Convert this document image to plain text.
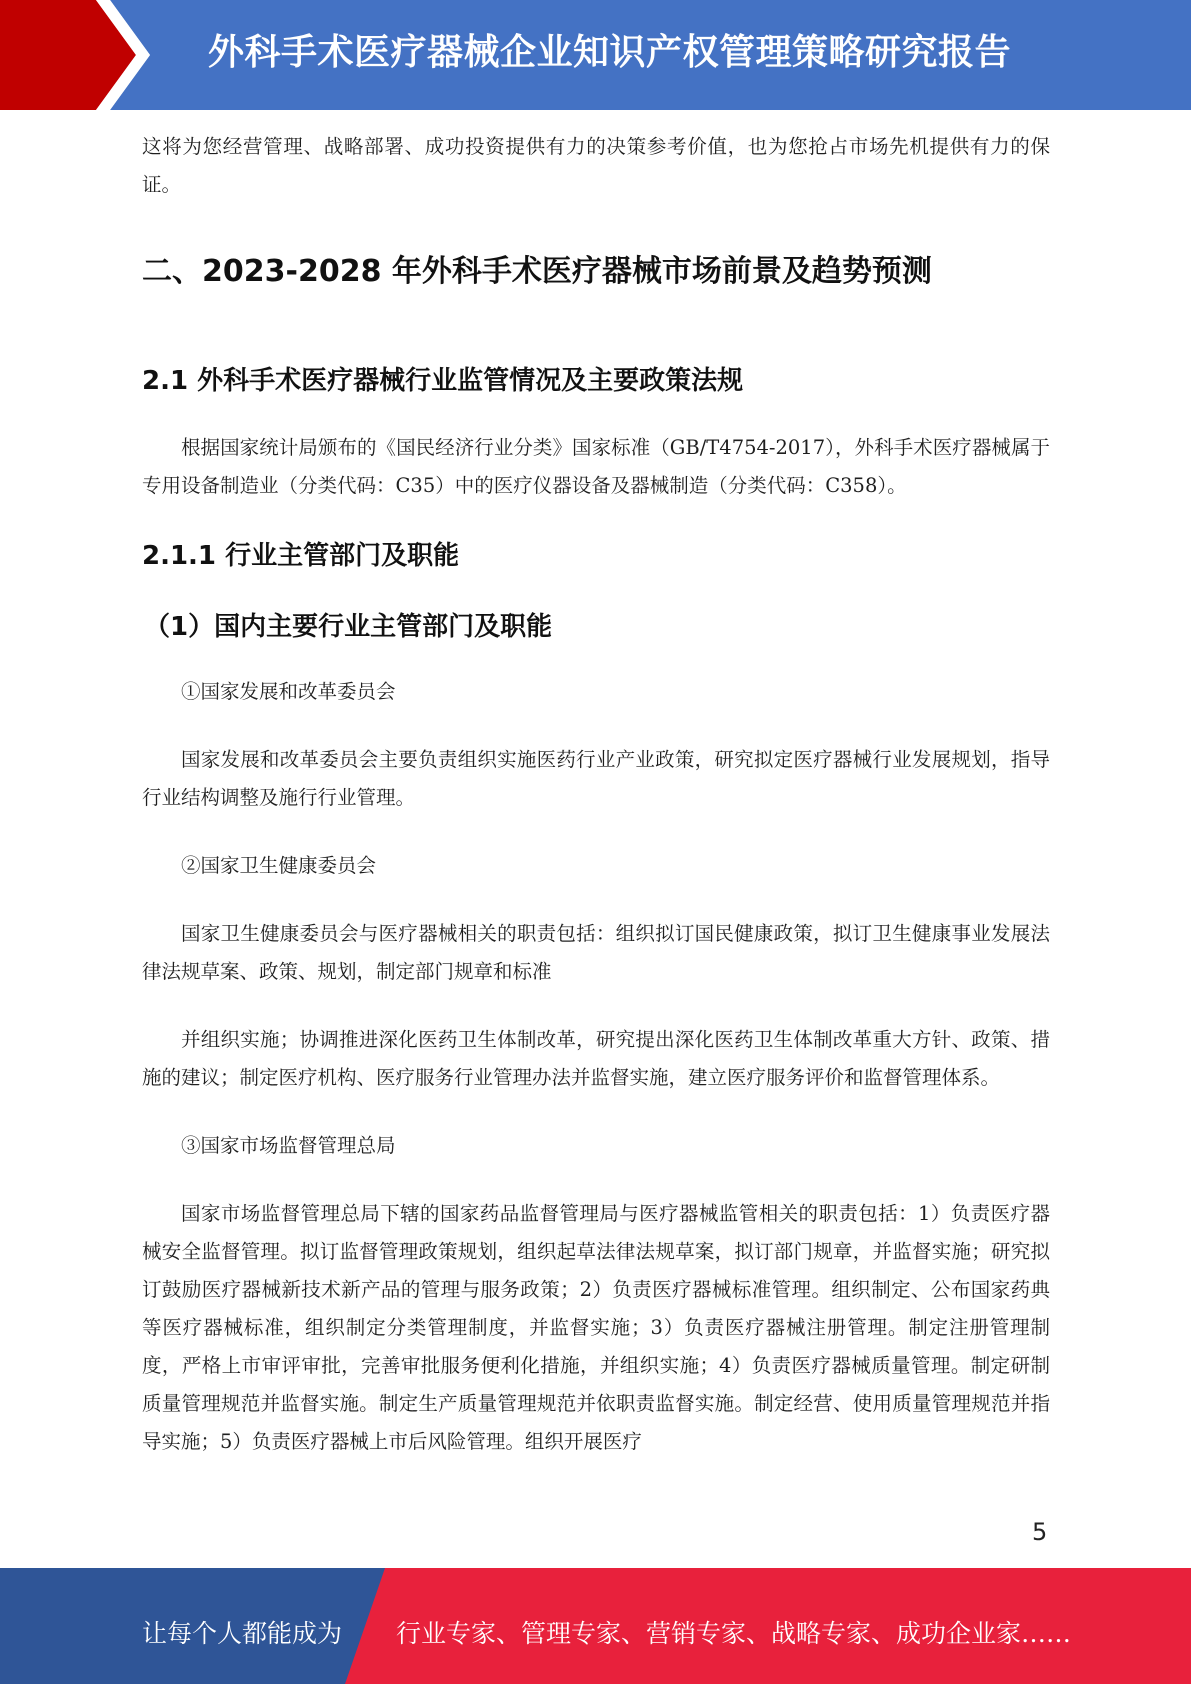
外科手术医疗器械企业知识产权管理策略研究报告

这将为您经营管理、战略部署、成功投资提供有力的决策参考价值，也为您抢占市场先机提供有力的保证。

二、2023-2028 年外科手术医疗器械市场前景及趋势预测
2.1 外科手术医疗器械行业监管情况及主要政策法规

根据国家统计局颁布的《国民经济行业分类》国家标准（GB/T4754-2017），外科手术医疗器械属于专用设备制造业（分类代码：C35）中的医疗仪器设备及器械制造（分类代码：C358）。

2.1.1 行业主管部门及职能
（1）国内主要行业主管部门及职能

①国家发展和改革委员会

国家发展和改革委员会主要负责组织实施医药行业产业政策，研究拟定医疗器械行业发展规划，指导行业结构调整及施行行业管理。

②国家卫生健康委员会

国家卫生健康委员会与医疗器械相关的职责包括：组织拟订国民健康政策，拟订卫生健康事业发展法律法规草案、政策、规划，制定部门规章和标准

并组织实施；协调推进深化医药卫生体制改革，研究提出深化医药卫生体制改革重大方针、政策、措施的建议；制定医疗机构、医疗服务行业管理办法并监督实施，建立医疗服务评价和监督管理体系。

③国家市场监督管理总局

国家市场监督管理总局下辖的国家药品监督管理局与医疗器械监管相关的职责包括：1）负责医疗器械安全监督管理。拟订监督管理政策规划，组织起草法律法规草案，拟订部门规章，并监督实施；研究拟订鼓励医疗器械新技术新产品的管理与服务政策；2）负责医疗器械标准管理。组织制定、公布国家药典等医疗器械标准，组织制定分类管理制度，并监督实施；3）负责医疗器械注册管理。制定注册管理制度，严格上市审评审批，完善审批服务便利化措施，并组织实施；4）负责医疗器械质量管理。制定研制质量管理规范并监督实施。制定生产质量管理规范并依职责监督实施。制定经营、使用质量管理规范并指导实施；5）负责医疗器械上市后风险管理。组织开展医疗

5
让每个人都能成为 行业专家、管理专家、营销专家、战略专家、成功企业家……
